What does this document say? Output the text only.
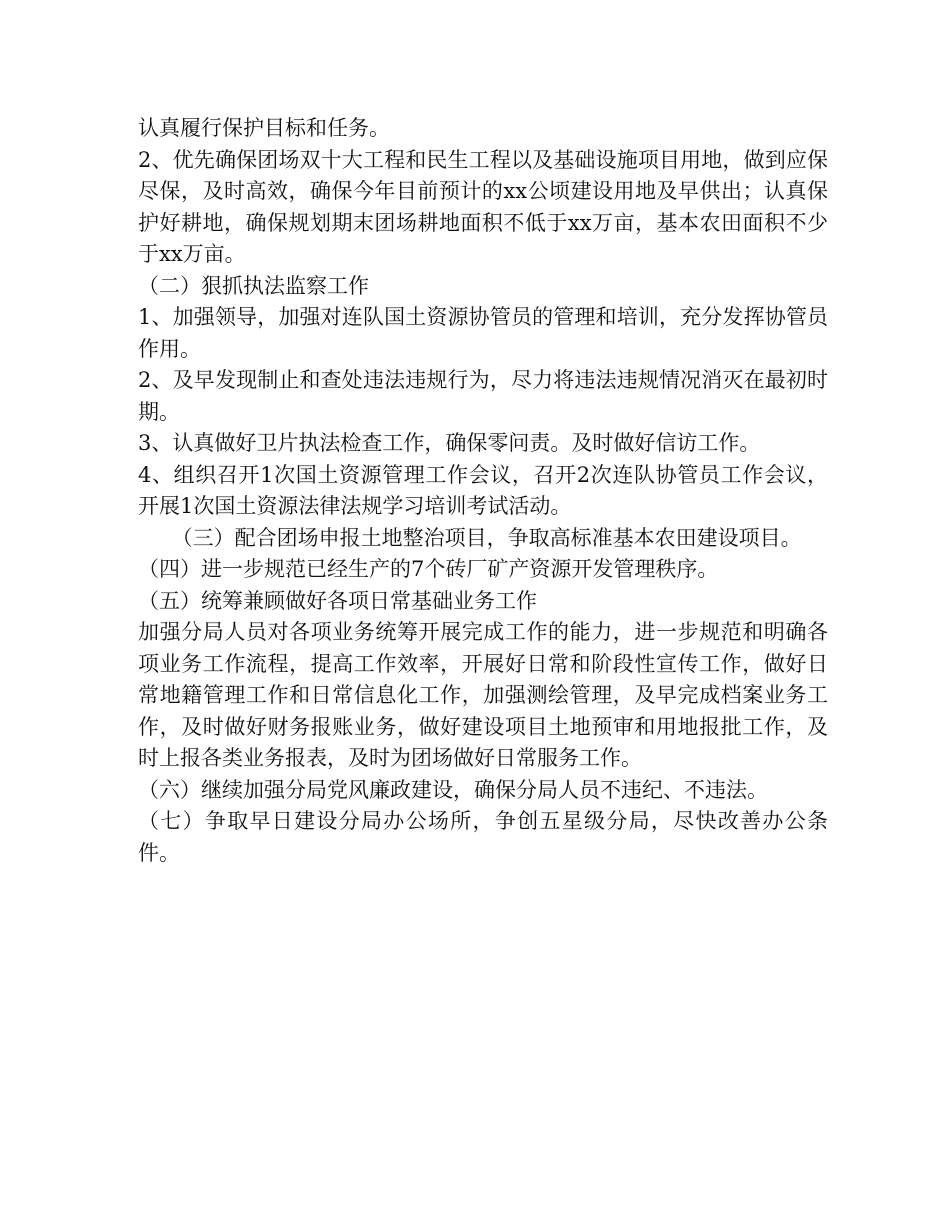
认真履行保护目标和任务。

2、优先确保团场双十大工程和民生工程以及基础设施项目用地，做到应保尽保，及时高效，确保今年目前预计的xx公顷建设用地及早供出；认真保护好耕地，确保规划期末团场耕地面积不低于xx万亩，基本农田面积不少于xx万亩。

（二）狠抓执法监察工作

1、加强领导，加强对连队国土资源协管员的管理和培训，充分发挥协管员作用。

2、及早发现制止和查处违法违规行为，尽力将违法违规情况消灭在最初时期。

3、认真做好卫片执法检查工作，确保零问责。及时做好信访工作。

4、组织召开1次国土资源管理工作会议，召开2次连队协管员工作会议，开展1次国土资源法律法规学习培训考试活动。

（三）配合团场申报土地整治项目，争取高标准基本农田建设项目。

（四）进一步规范已经生产的7个砖厂矿产资源开发管理秩序。

（五）统筹兼顾做好各项日常基础业务工作

加强分局人员对各项业务统筹开展完成工作的能力，进一步规范和明确各项业务工作流程，提高工作效率，开展好日常和阶段性宣传工作，做好日常地籍管理工作和日常信息化工作，加强测绘管理，及早完成档案业务工作，及时做好财务报账业务，做好建设项目土地预审和用地报批工作，及时上报各类业务报表，及时为团场做好日常服务工作。

（六）继续加强分局党风廉政建设，确保分局人员不违纪、不违法。

（七）争取早日建设分局办公场所，争创五星级分局，尽快改善办公条件。
